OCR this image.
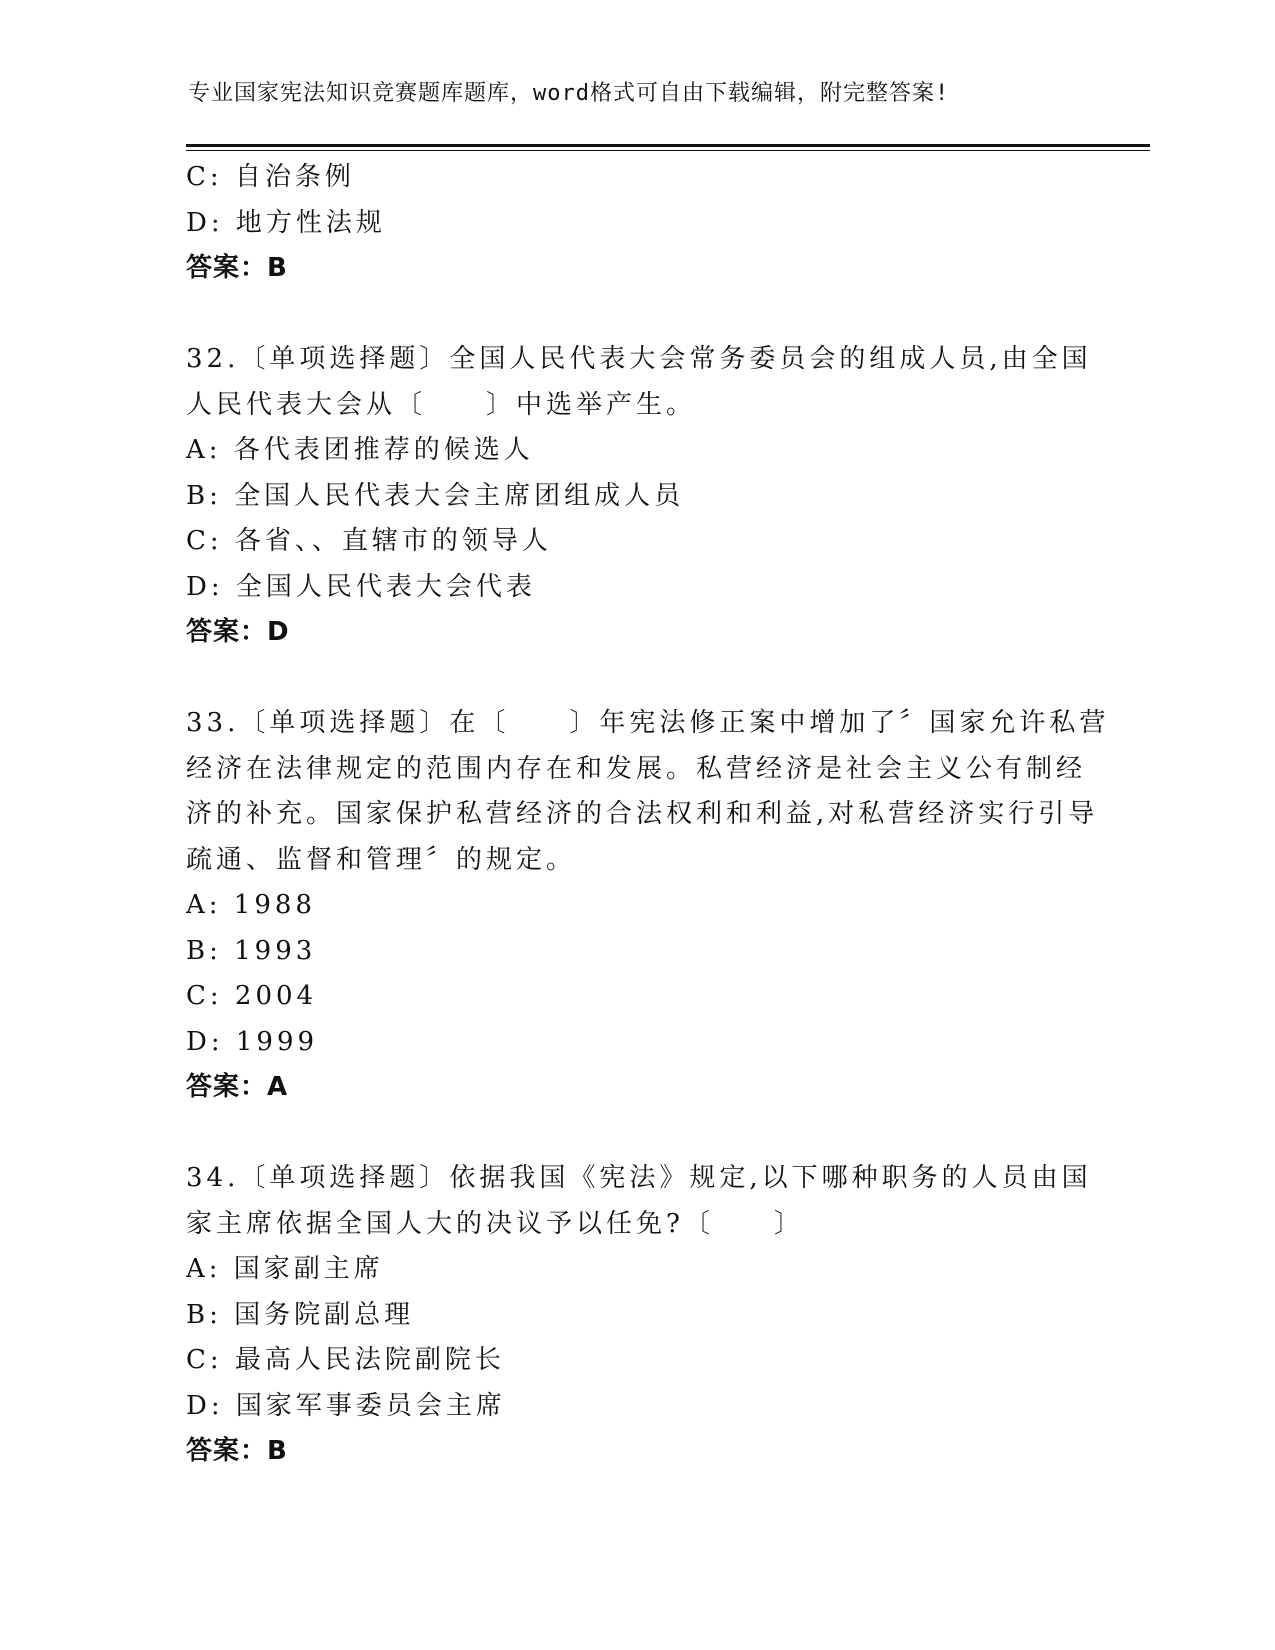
专业国家宪法知识竞赛题库题库，word格式可自由下载编辑，附完整答案!
C: 自治条例
D: 地方性法规
答案：B
32.〔单项选择题〕全国人民代表大会常务委员会的组成人员,由全国
人民代表大会从〔　　〕中选举产生。
A: 各代表团推荐的候选人
B: 全国人民代表大会主席团组成人员
C: 各省、、直辖市的领导人
D: 全国人民代表大会代表
答案：D
33.〔单项选择题〕在〔　　〕年宪法修正案中增加了〞国家允许私营
经济在法律规定的范围内存在和发展。私营经济是社会主义公有制经
济的补充。国家保护私营经济的合法权利和利益,对私营经济实行引导
疏通、监督和管理〞的规定。
A: 1988
B: 1993
C: 2004
D: 1999
答案：A
34.〔单项选择题〕依据我国《宪法》规定,以下哪种职务的人员由国
家主席依据全国人大的决议予以任免?〔　　〕
A: 国家副主席
B: 国务院副总理
C: 最高人民法院副院长
D: 国家军事委员会主席
答案：B
